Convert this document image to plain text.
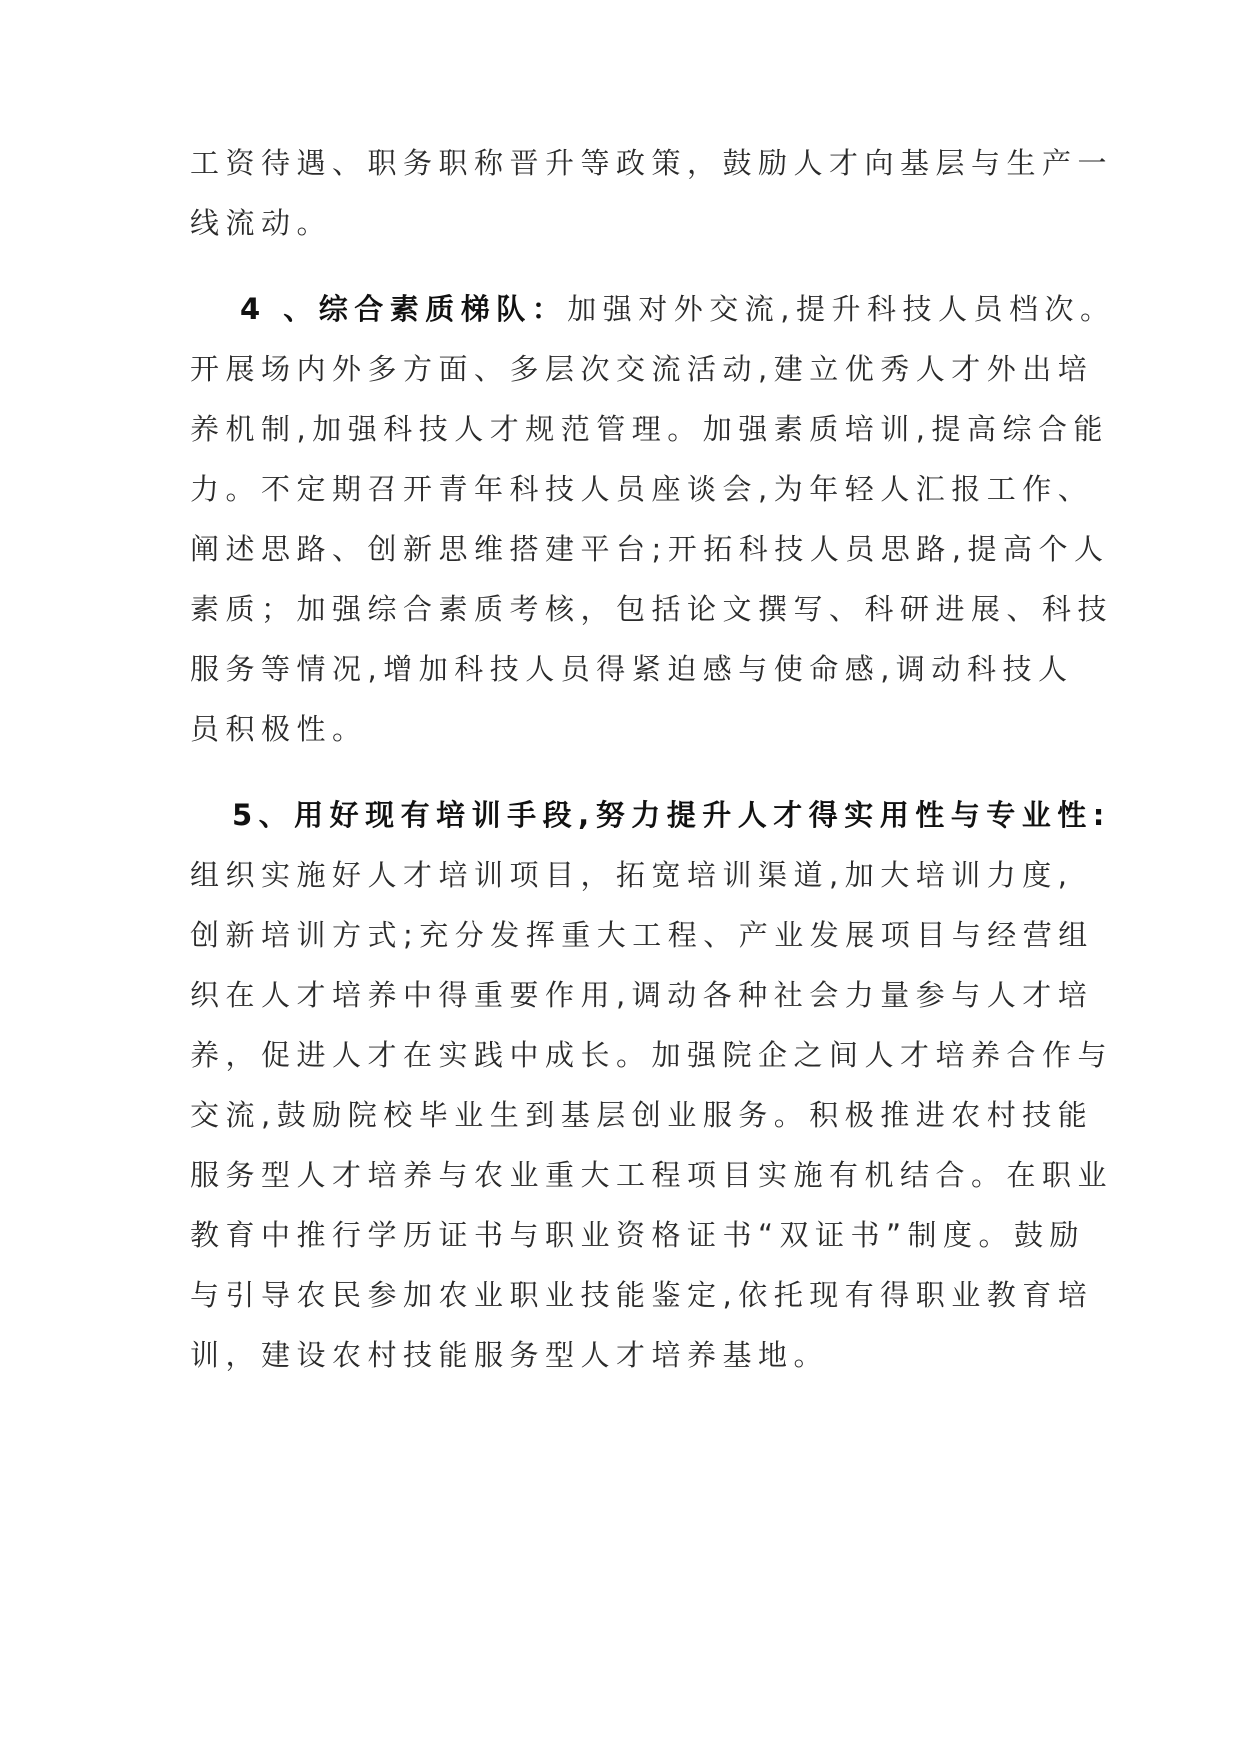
工资待遇、职务职称晋升等政策，鼓励人才向基层与生产一
线流动。
4 、综合素质梯队：加强对外交流,提升科技人员档次。
开展场内外多方面、多层次交流活动,建立优秀人才外出培
养机制,加强科技人才规范管理。加强素质培训,提高综合能
力。不定期召开青年科技人员座谈会,为年轻人汇报工作、
阐述思路、创新思维搭建平台;开拓科技人员思路,提高个人
素质；加强综合素质考核，包括论文撰写、科研进展、科技
服务等情况,增加科技人员得紧迫感与使命感,调动科技人
员积极性。
5、用好现有培训手段,努力提升人才得实用性与专业性:
组织实施好人才培训项目，拓宽培训渠道,加大培训力度,
创新培训方式;充分发挥重大工程、产业发展项目与经营组
织在人才培养中得重要作用,调动各种社会力量参与人才培
养，促进人才在实践中成长。加强院企之间人才培养合作与
交流,鼓励院校毕业生到基层创业服务。积极推进农村技能
服务型人才培养与农业重大工程项目实施有机结合。在职业
教育中推行学历证书与职业资格证书“双证书”制度。鼓励
与引导农民参加农业职业技能鉴定,依托现有得职业教育培
训，建设农村技能服务型人才培养基地。
